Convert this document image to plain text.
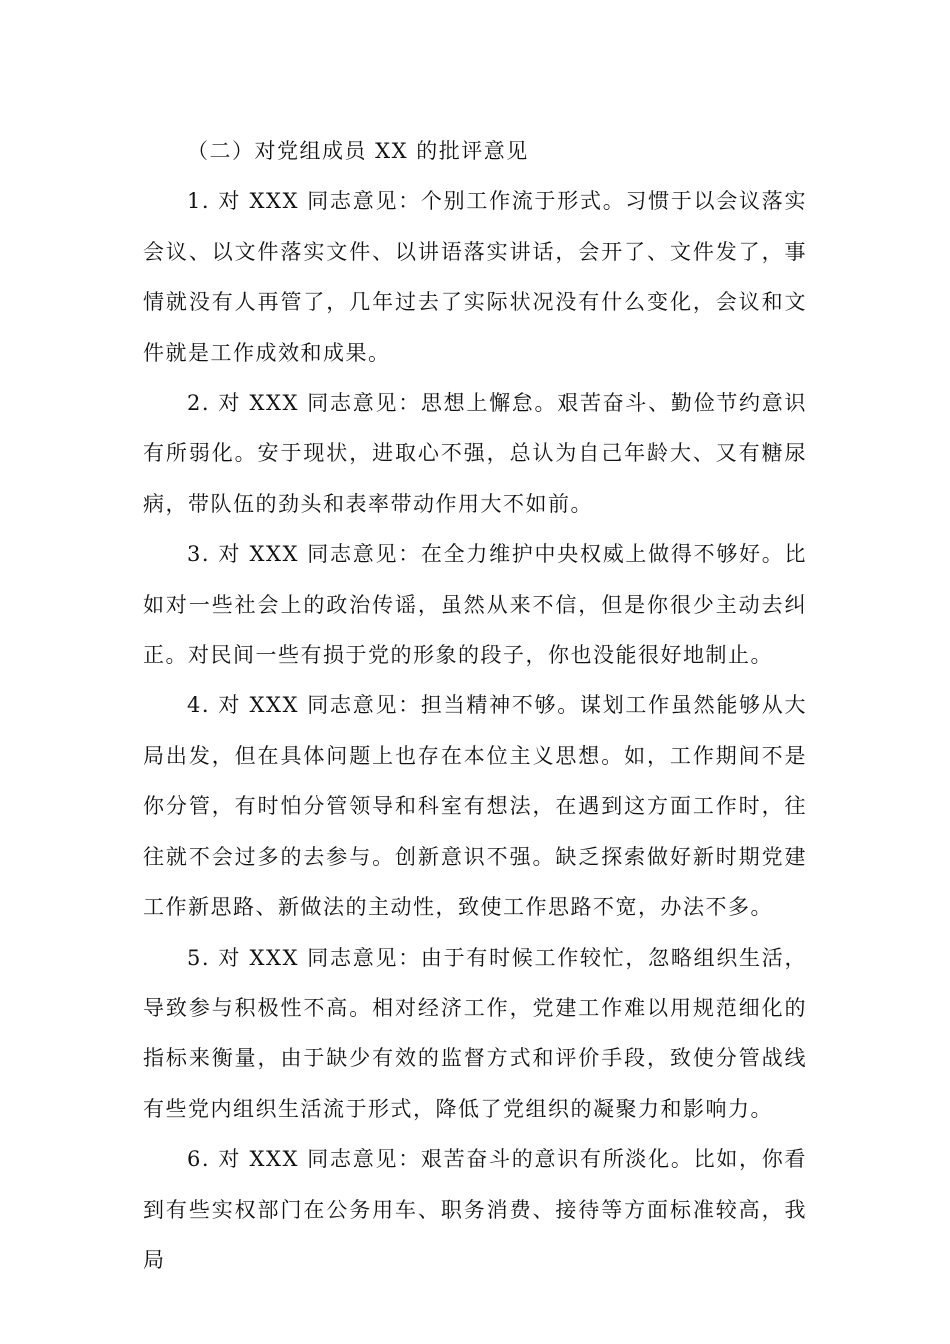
（二）对党组成员 XX 的批评意见

1. 对 XXX 同志意见：个别工作流于形式。习惯于以会议落实会议、以文件落实文件、以讲语落实讲话，会开了、文件发了，事情就没有人再管了，几年过去了实际状况没有什么变化，会议和文件就是工作成效和成果。

2. 对 XXX 同志意见：思想上懈怠。艰苦奋斗、勤俭节约意识有所弱化。安于现状，进取心不强，总认为自己年龄大、又有糖尿病，带队伍的劲头和表率带动作用大不如前。

3. 对 XXX 同志意见：在全力维护中央权威上做得不够好。比如对一些社会上的政治传谣，虽然从来不信，但是你很少主动去纠正。对民间一些有损于党的形象的段子，你也没能很好地制止。

4. 对 XXX 同志意见：担当精神不够。谋划工作虽然能够从大局出发，但在具体问题上也存在本位主义思想。如，工作期间不是你分管，有时怕分管领导和科室有想法，在遇到这方面工作时，往往就不会过多的去参与。创新意识不强。缺乏探索做好新时期党建工作新思路、新做法的主动性，致使工作思路不宽，办法不多。

5. 对 XXX 同志意见：由于有时候工作较忙，忽略组织生活，导致参与积极性不高。相对经济工作，党建工作难以用规范细化的指标来衡量，由于缺少有效的监督方式和评价手段，致使分管战线有些党内组织生活流于形式，降低了党组织的凝聚力和影响力。

6. 对 XXX 同志意见：艰苦奋斗的意识有所淡化。比如，你看到有些实权部门在公务用车、职务消费、接待等方面标准较高，我局
